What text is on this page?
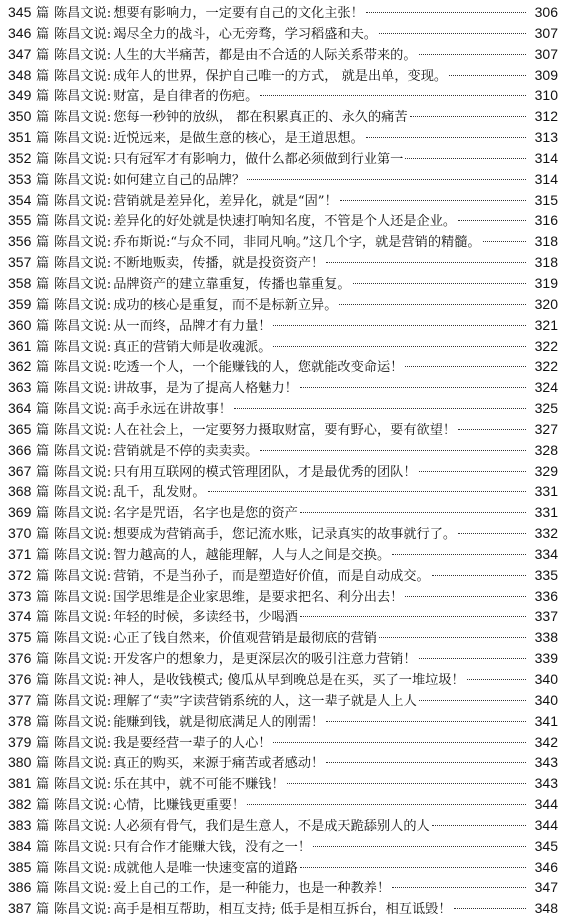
345 篇 陈昌文说: 想要有影响力，一定要有自己的文化主张！	306
346 篇 陈昌文说: 竭尽全力的战斗，心无旁骛，学习稻盛和夫。	307
347 篇 陈昌文说: 人生的大半痛苦，都是由不合适的人际关系带来的。	307
348 篇 陈昌文说: 成年人的世界，保护自己唯一的方式， 就是出单，变现。	309
349 篇 陈昌文说: 财富，是自律者的伤疤。	310
350 篇 陈昌文说: 您每一秒钟的放纵， 都在积累真正的、永久的痛苦	312
351 篇 陈昌文说: 近悦远来，是做生意的核心，是王道思想。	313
352 篇 陈昌文说: 只有冠军才有影响力，做什么都必须做到行业第一	314
353 篇 陈昌文说: 如何建立自己的品牌？	314
354 篇 陈昌文说: 营销就是差异化，差异化，就是“固”！	315
355 篇 陈昌文说: 差异化的好处就是快速打响知名度，不管是个人还是企业。	316
356 篇 陈昌文说: 乔布斯说:“与众不同，非同凡响。”这几个字，就是营销的精髓。	318
357 篇 陈昌文说: 不断地贩卖，传播，就是投资资产！	318
358 篇 陈昌文说: 品牌资产的建立靠重复，传播也靠重复。	319
359 篇 陈昌文说: 成功的核心是重复，而不是标新立异。	320
360 篇 陈昌文说: 从一而终，品牌才有力量！	321
361 篇 陈昌文说: 真正的营销大师是收魂派。	322
362 篇 陈昌文说: 吃透一个人，一个能赚钱的人，您就能改变命运！	322
363 篇 陈昌文说: 讲故事，是为了提高人格魅力！	324
364 篇 陈昌文说: 高手永远在讲故事！	325
365 篇 陈昌文说: 人在社会上，一定要努力摄取财富，要有野心，要有欲望！	327
366 篇 陈昌文说: 营销就是不停的卖卖卖。	328
367 篇 陈昌文说: 只有用互联网的模式管理团队，才是最优秀的团队！	329
368 篇 陈昌文说: 乱千，乱发财。	331
369 篇 陈昌文说: 名字是咒语，名字也是您的资产	331
370 篇 陈昌文说: 想要成为营销高手，您记流水账，记录真实的故事就行了。	332
371 篇 陈昌文说: 智力越高的人，越能理解，人与人之间是交换。	334
372 篇 陈昌文说: 营销，不是当孙子，而是塑造好价值，而是自动成交。	335
373 篇 陈昌文说: 国学思维是企业家思维，是要求把名、利分出去！	336
374 篇 陈昌文说: 年轻的时候，多读经书，少喝酒	337
375 篇 陈昌文说: 心正了钱自然来，价值观营销是最彻底的营销	338
376 篇 陈昌文说: 开发客户的想象力，是更深层次的吸引注意力营销！	339
376 篇 陈昌文说: 神人，是收钱模式; 傻瓜从早到晚总是在买，买了一堆垃圾！	340
377 篇 陈昌文说: 理解了“卖”字读营销系统的人，这一辈子就是人上人	340
378 篇 陈昌文说: 能赚到钱，就是彻底满足人的刚需！	341
379 篇 陈昌文说: 我是要经营一辈子的人心！	342
380 篇 陈昌文说: 真正的购买，来源于痛苦或者感动！	343
381 篇 陈昌文说: 乐在其中，就不可能不赚钱！	343
382 篇 陈昌文说: 心情，比赚钱更重要！	344
383 篇 陈昌文说: 人必须有骨气，我们是生意人，不是成天跪舔别人的人	344
384 篇 陈昌文说: 只有合作才能赚大钱，没有之一！	345
385 篇 陈昌文说: 成就他人是唯一快速变富的道路	346
386 篇 陈昌文说: 爱上自己的工作，是一种能力，也是一种教养！	347
387 篇 陈昌文说: 高手是相互帮助，相互支持; 低手是相互拆台，相互诋毁！	348
